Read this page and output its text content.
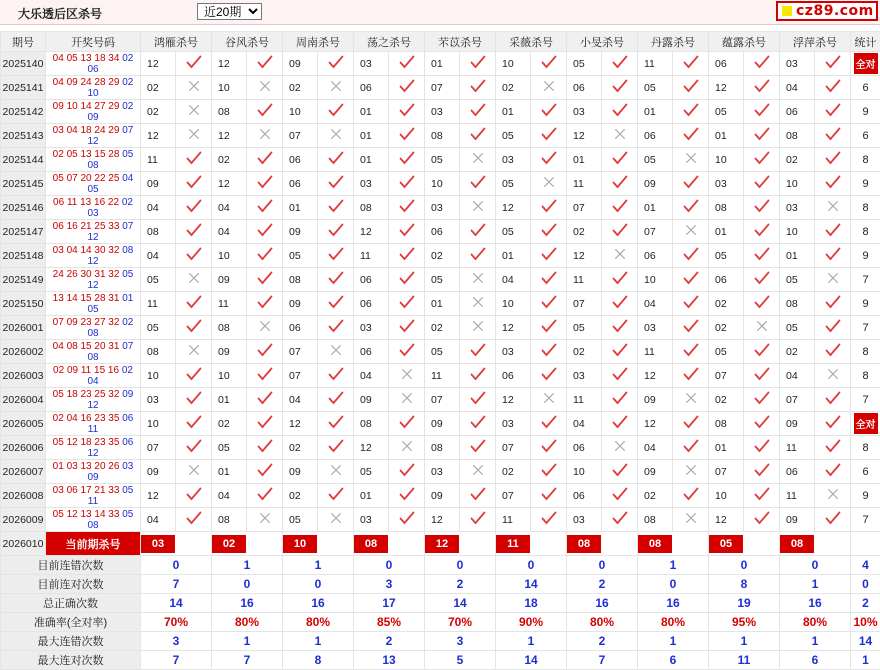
大乐透后区杀号
近20期	cz89.com
期号	开奖号码	鸿雁杀号		谷风杀号		周南杀号		荡之杀号		芣苡杀号		采薇杀号		小旻杀号		丹露杀号		蕴露杀号		浮萍杀号		统计
2025140	04 05 13 18 34 02
06	12		12		09		03		01		10		05		11		06		03		全对
2025141	04 09 24 28 29 02
10	02		10		02		06		07		02		06		05		12		04		6
2025142	09 10 14 27 29 02
09	02		08		10		01		03		01		03		01		05		06		9
2025143	03 04 18 24 29 07
12	12		12		07		01		08		05		12		06		01		08		6
2025144	02 05 13 15 28 05
08	11		02		06		01		05		03		01		05		10		02		8
2025145	05 07 20 22 25 04
05	09		12		06		03		10		05		11		09		03		10		9
2025146	06 11 13 16 22 02
03	04		04		01		08		03		12		07		01		08		03		8
2025147	06 16 21 25 33 07
12	08		04		09		12		06		05		02		07		01		10		8
2025148	03 04 14 30 32 08
12	04		10		05		11		02		01		12		06		05		01		9
2025149	24 26 30 31 32 05
12	05		09		08		06		05		04		11		10		06		05		7
2025150	13 14 15 28 31 01
05	11		11		09		06		01		10		07		04		02		08		9
2026001	07 09 23 27 32 02
08	05		08		06		03		02		12		05		03		02		05		7
2026002	04 08 15 20 31 07
08	08		09		07		06		05		03		02		11		05		02		8
2026003	02 09 11 15 16 02
04	10		10		07		04		11		06		03		12		07		04		8
2026004	05 18 23 25 32 09
12	03		01		04		09		07		12		11		09		02		07		7
2026005	02 04 16 23 35 06
11	10		02		12		08		09		03		04		12		08		09		全对
2026006	05 12 18 23 35 06
12	07		05		02		12		08		07		06		04		01		11		8
2026007	01 03 13 20 26 03
09	09		01		09		05		03		02		10		09		07		06		6
2026008	03 06 17 21 33 05
11	12		04		02		01		09		07		06		02		10		11		9
2026009	05 12 13 14 33 05
08	04		08		05		03		12		11		03		08		12		09		7
2026010	当前期杀号	03		02		10		08		12		11		08		08		05		08		
目前连错次数		0		1		1		0		0		0		0		1		0		0		4
目前连对次数		7		0		0		3		2		14		2		0		8		1		0
总正确次数		14		16		16		17		14		18		16		16		19		16		2
准确率(全对率)		70%		80%		80%		85%		70%		90%		80%		80%		95%		80%		10%
最大连错次数		3		1		1		2		3		1		2		1		1		1		14
最大连对次数		7		7		8		13		5		14		7		6		11		6		1
